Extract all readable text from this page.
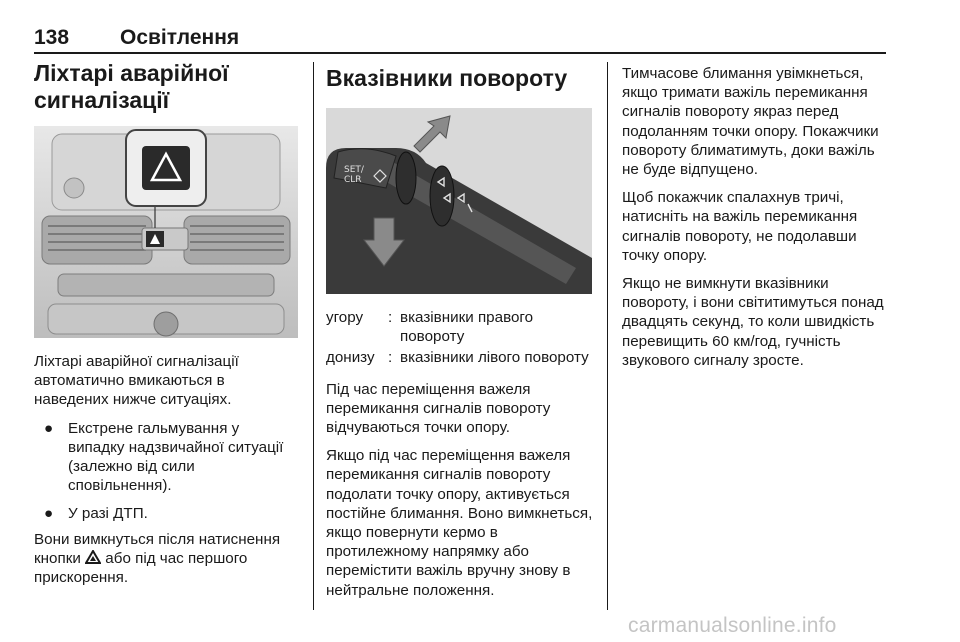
138 Освітлення
Ліхтарі аварійної
сигналізації

Ліхтарі аварійної сигналізації автоматично вмикаються в наведених нижче ситуаціях.

● Екстрене гальмування у випадку надзвичайної ситуації (залежно від сили сповільнення).
● У разі ДТП.

Вони вимкнуться після натиснення кнопки  або під час першого прискорення.

Вказівники повороту
SET/
CLR
угору	: вказівники правого повороту
донизу : вказівники лівого повороту

Під час переміщення важеля перемикання сигналів повороту відчуваються точки опору.

Якщо під час переміщення важеля перемикання сигналів повороту подолати точку опору, активується постійне блимання. Воно вимкнеться, якщо повернути кермо в протилежному напрямку або перемістити важіль вручну знову в нейтральне положення.

Тимчасове блимання увімкнеться, якщо тримати важіль перемикання сигналів повороту якраз перед подоланням точки опору. Покажчики повороту блиматимуть, доки важіль не буде відпущено.

Щоб покажчик спалахнув тричі, натисніть на важіль перемикання сигналів повороту, не подолавши точку опору.

Якщо не вимкнути вказівники повороту, і вони світитимуться понад двадцять секунд, то коли швидкість перевищить 60 км/год, гучність звукового сигналу зросте.

carmanualsonline.info
